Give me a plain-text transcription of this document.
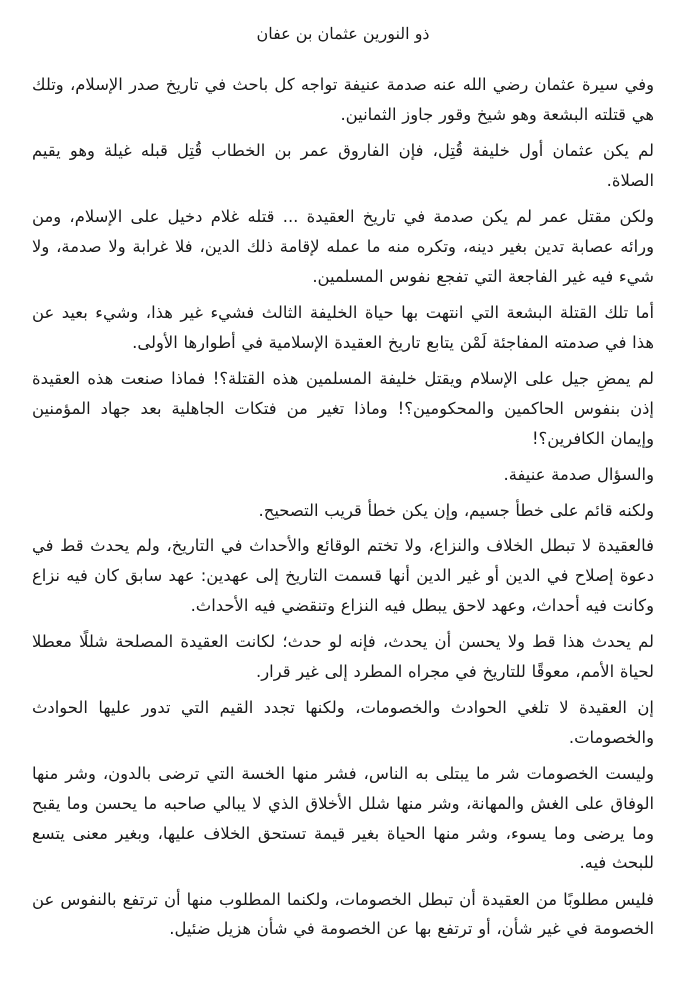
ذو النورين عثمان بن عفان

وفي سيرة عثمان رضي الله عنه صدمة عنيفة تواجه كل باحث في تاريخ صدر الإسلام، وتلك هي قتلته البشعة وهو شيخ وقور جاوز الثمانين.

لم يكن عثمان أول خليفة قُتِل، فإن الفاروق عمر بن الخطاب قُتِل قبله غيلة وهو يقيم الصلاة.

ولكن مقتل عمر لم يكن صدمة في تاريخ العقيدة ... قتله غلام دخيل على الإسلام، ومن ورائه عصابة تدين بغير دينه، وتكره منه ما عمله لإقامة ذلك الدين، فلا غرابة ولا صدمة، ولا شيء فيه غير الفاجعة التي تفجع نفوس المسلمين.

أما تلك القتلة البشعة التي انتهت بها حياة الخليفة الثالث فشيء غير هذا، وشيء بعيد عن هذا في صدمته المفاجئة لَمْن يتابع تاريخ العقيدة الإسلامية في أطوارها الأولى.

لم يمضِ جيل على الإسلام ويقتل خليفة المسلمين هذه القتلة؟! فماذا صنعت هذه العقيدة إذن بنفوس الحاكمين والمحكومين؟! وماذا تغير من فتكات الجاهلية بعد جهاد المؤمنين وإيمان الكافرين؟!

والسؤال صدمة عنيفة.

ولكنه قائم على خطأ جسيم، وإن يكن خطأ قريب التصحيح.

فالعقيدة لا تبطل الخلاف والنزاع، ولا تختم الوقائع والأحداث في التاريخ، ولم يحدث قط في دعوة إصلاح في الدين أو غير الدين أنها قسمت التاريخ إلى عهدين: عهد سابق كان فيه نزاع وكانت فيه أحداث، وعهد لاحق يبطل فيه النزاع وتنقضي فيه الأحداث.

لم يحدث هذا قط ولا يحسن أن يحدث، فإنه لو حدث؛ لكانت العقيدة المصلحة شللًا معطلا لحياة الأمم، معوقًا للتاريخ في مجراه المطرد إلى غير قرار.

إن العقيدة لا تلغي الحوادث والخصومات، ولكنها تجدد القيم التي تدور عليها الحوادث والخصومات.

وليست الخصومات شر ما يبتلى به الناس، فشر منها الخسة التي ترضى بالدون، وشر منها الوفاق على الغش والمهانة، وشر منها شلل الأخلاق الذي لا يبالي صاحبه ما يحسن وما يقبح وما يرضى وما يسوء، وشر منها الحياة بغير قيمة تستحق الخلاف عليها، وبغير معنى يتسع للبحث فيه.

فليس مطلوبًا من العقيدة أن تبطل الخصومات، ولكنما المطلوب منها أن ترتفع بالنفوس عن الخصومة في غير شأن، أو ترتفع بها عن الخصومة في شأن هزيل ضئيل.
